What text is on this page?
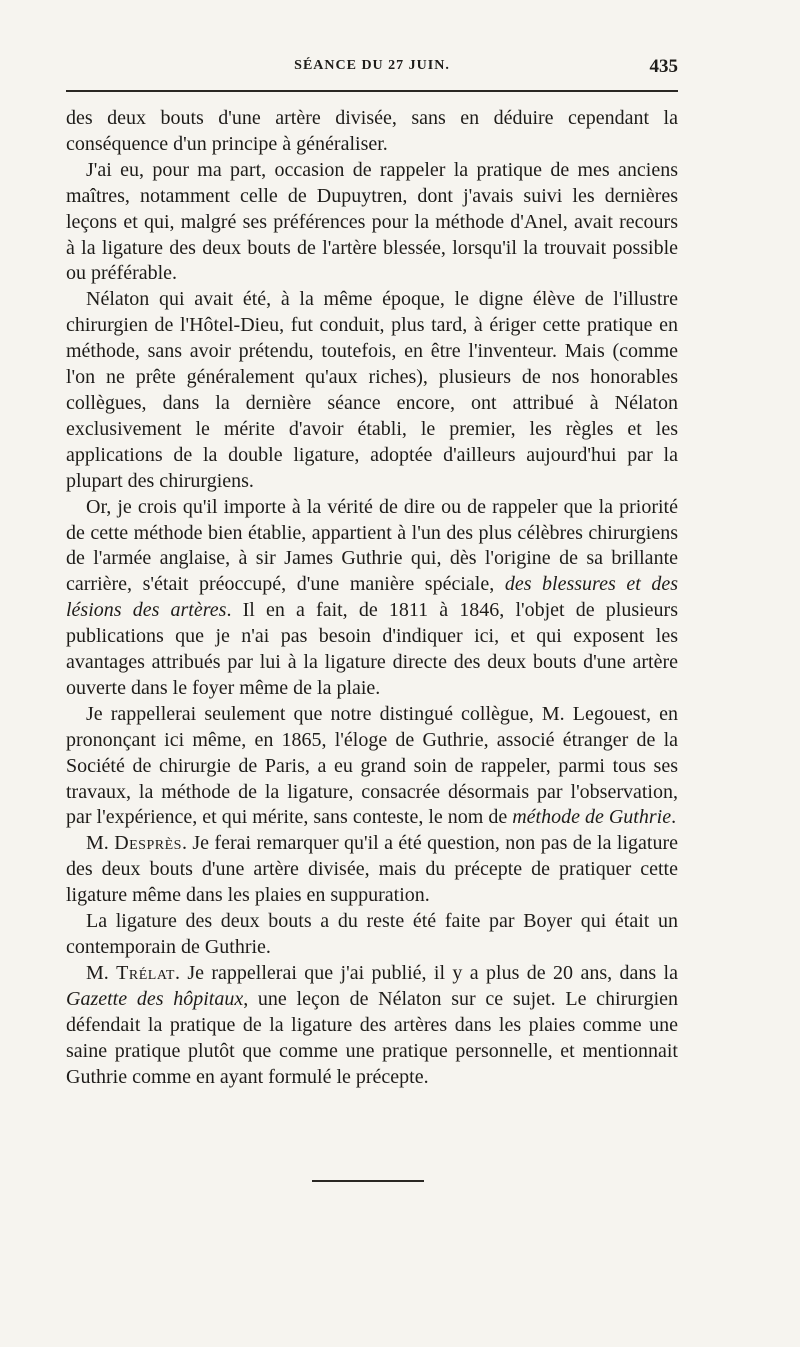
SÉANCE DU 27 JUIN.	435

des deux bouts d'une artère divisée, sans en déduire cependant la conséquence d'un principe à généraliser.

J'ai eu, pour ma part, occasion de rappeler la pratique de mes anciens maîtres, notamment celle de Dupuytren, dont j'avais suivi les dernières leçons et qui, malgré ses préférences pour la méthode d'Anel, avait recours à la ligature des deux bouts de l'artère blessée, lorsqu'il la trouvait possible ou préférable.

Nélaton qui avait été, à la même époque, le digne élève de l'illustre chirurgien de l'Hôtel-Dieu, fut conduit, plus tard, à ériger cette pratique en méthode, sans avoir prétendu, toutefois, en être l'inventeur. Mais (comme l'on ne prête généralement qu'aux riches), plusieurs de nos honorables collègues, dans la dernière séance encore, ont attribué à Nélaton exclusivement le mérite d'avoir établi, le premier, les règles et les applications de la double ligature, adoptée d'ailleurs aujourd'hui par la plupart des chirurgiens.

Or, je crois qu'il importe à la vérité de dire ou de rappeler que la priorité de cette méthode bien établie, appartient à l'un des plus célèbres chirurgiens de l'armée anglaise, à sir James Guthrie qui, dès l'origine de sa brillante carrière, s'était préoccupé, d'une manière spéciale, des blessures et des lésions des artères. Il en a fait, de 1811 à 1846, l'objet de plusieurs publications que je n'ai pas besoin d'indiquer ici, et qui exposent les avantages attribués par lui à la ligature directe des deux bouts d'une artère ouverte dans le foyer même de la plaie.

Je rappellerai seulement que notre distingué collègue, M. Legouest, en prononçant ici même, en 1865, l'éloge de Guthrie, associé étranger de la Société de chirurgie de Paris, a eu grand soin de rappeler, parmi tous ses travaux, la méthode de la ligature, consacrée désormais par l'observation, par l'expérience, et qui mérite, sans conteste, le nom de méthode de Guthrie.

M. Desprès. Je ferai remarquer qu'il a été question, non pas de la ligature des deux bouts d'une artère divisée, mais du précepte de pratiquer cette ligature même dans les plaies en suppuration.

La ligature des deux bouts a du reste été faite par Boyer qui était un contemporain de Guthrie.

M. Trélat. Je rappellerai que j'ai publié, il y a plus de 20 ans, dans la Gazette des hôpitaux, une leçon de Nélaton sur ce sujet. Le chirurgien défendait la pratique de la ligature des artères dans les plaies comme une saine pratique plutôt que comme une pratique personnelle, et mentionnait Guthrie comme en ayant formulé le précepte.
